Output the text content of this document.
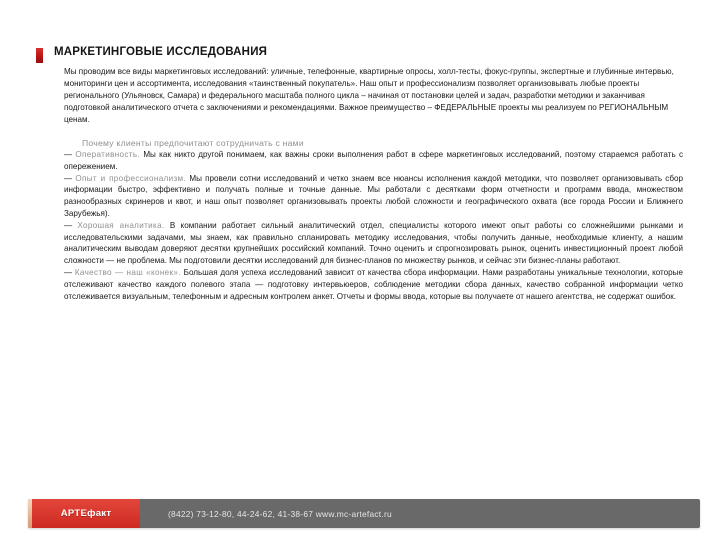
МАРКЕТИНГОВЫЕ ИССЛЕДОВАНИЯ

Мы проводим все виды маркетинговых исследований: уличные, телефонные, квартирные опросы, холл-тесты, фокус-группы, экспертные и глубинные интервью, мониторинги цен и ассортимента, исследования «таинственный покупатель». Наш опыт и профессионализм позволяет организовывать любые проекты регионального (Ульяновск, Самара) и федерального масштаба полного цикла – начиная от постановки целей и задач, разработки методики и заканчивая подготовкой аналитического отчета с заключениями и рекомендациями. Важное преимущество – ФЕДЕРАЛЬНЫЕ проекты мы реализуем по РЕГИОНАЛЬНЫМ ценам.

Почему клиенты предпочитают сотрудничать с нами

— Оперативность. Мы как никто другой понимаем, как важны сроки выполнения работ в сфере маркетинговых исследований, поэтому стараемся работать с опережением.

— Опыт и профессионализм. Мы провели сотни исследований и четко знаем все нюансы исполнения каждой методики, что позволяет организовывать сбор информации быстро, эффективно и получать полные и точные данные. Мы работали с десятками форм отчетности и программ ввода, множеством разнообразных скринеров и квот, и наш опыт позволяет организовывать проекты любой сложности и географического охвата (все города России и Ближнего Зарубежья).

— Хорошая аналитика. В компании работает сильный аналитический отдел, специалисты которого имеют опыт работы со сложнейшими рынками и исследовательскими задачами, мы знаем, как правильно спланировать методику исследования, чтобы получить данные, необходимые клиенту, а нашим аналитическим выводам доверяют десятки крупнейших российский компаний. Точно оценить и спрогнозировать рынок, оценить инвестиционный проект любой сложности — не проблема. Мы подготовили десятки исследований для бизнес-планов по множеству рынков, и сейчас эти бизнес-планы работают.

— Качество — наш «конек». Большая доля успеха исследований зависит от качества сбора информации. Нами разработаны уникальные технологии, которые отслеживают качество каждого полевого этапа — подготовку интервьюеров, соблюдение методики сбора данных, качество собранной информации четко отслеживается визуальным, телефонным и адресным контролем анкет. Отчеты и формы ввода, которые вы получаете от нашего агентства, не содержат ошибок.

АРТЕфакт	(8422) 73-12-80, 44-24-62, 41-38-67 www.mc-artefact.ru
